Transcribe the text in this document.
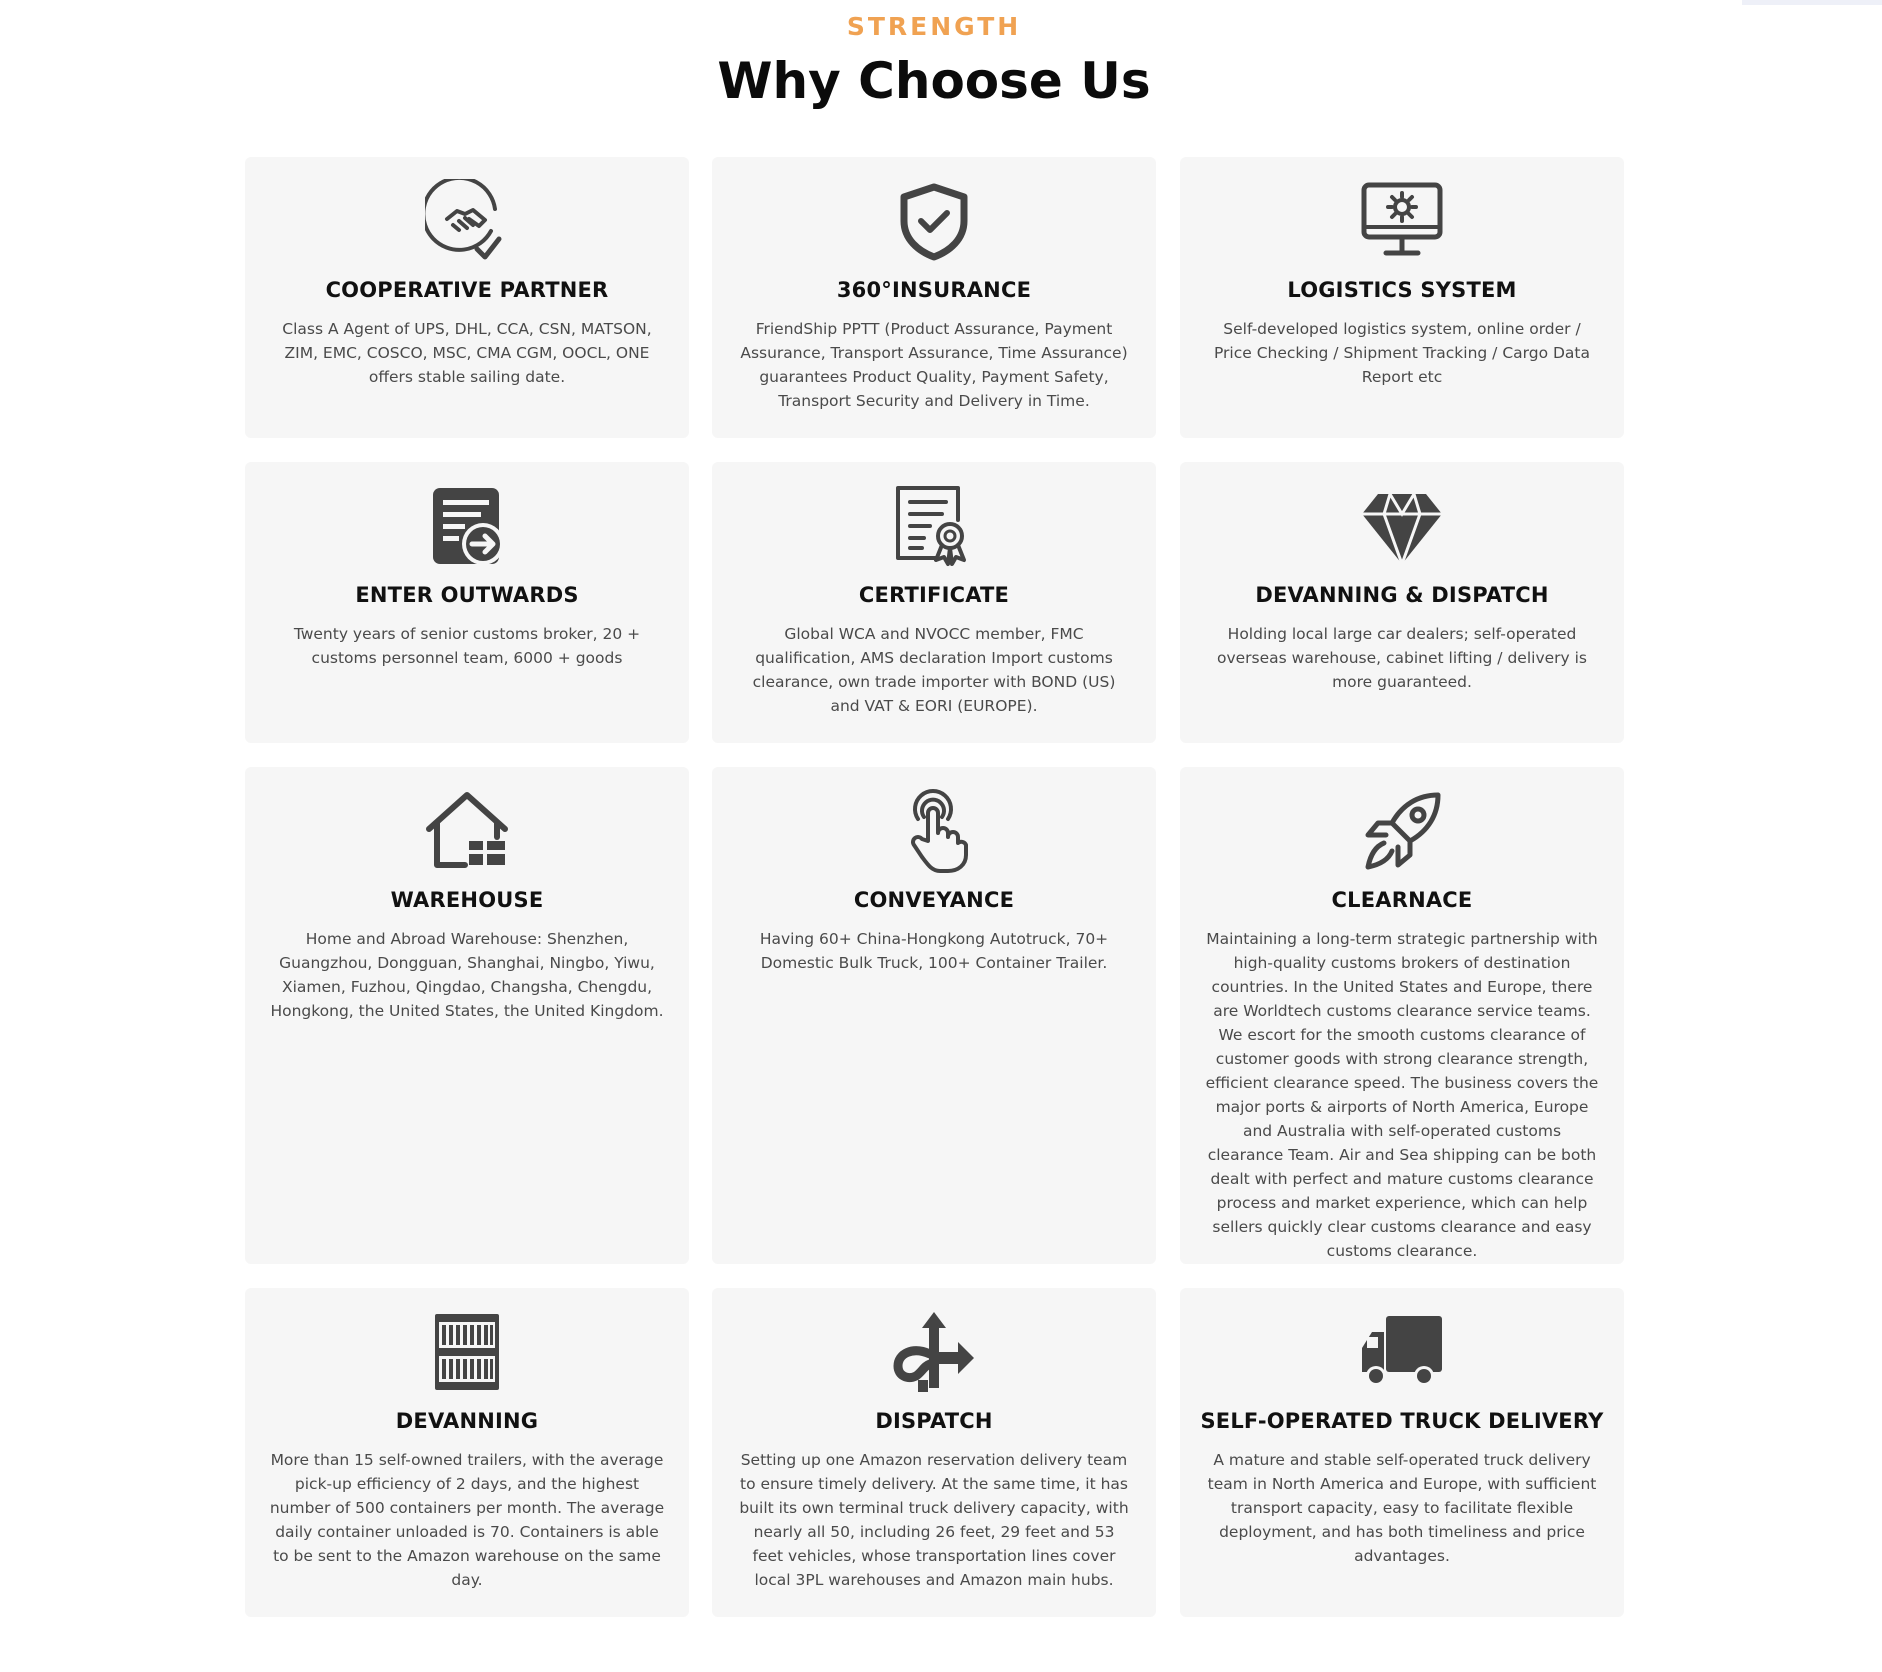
STRENGTH
Why Choose Us
COOPERATIVE PARTNER
Class A Agent of UPS, DHL, CCA, CSN, MATSON, ZIM, EMC, COSCO, MSC, CMA CGM, OOCL, ONE offers stable sailing date.
360°INSURANCE
FriendShip PPTT (Product Assurance, Payment Assurance, Transport Assurance, Time Assurance) guarantees Product Quality, Payment Safety, Transport Security and Delivery in Time.
LOGISTICS SYSTEM
Self-developed logistics system, online order / Price Checking / Shipment Tracking / Cargo Data Report etc
ENTER OUTWARDS
Twenty years of senior customs broker, 20 + customs personnel team, 6000 + goods
CERTIFICATE
Global WCA and NVOCC member, FMC qualification, AMS declaration Import customs clearance, own trade importer with BOND (US) and VAT & EORI (EUROPE).
DEVANNING & DISPATCH
Holding local large car dealers; self-operated overseas warehouse, cabinet lifting / delivery is more guaranteed.
WAREHOUSE
Home and Abroad Warehouse: Shenzhen, Guangzhou, Dongguan, Shanghai, Ningbo, Yiwu, Xiamen, Fuzhou, Qingdao, Changsha, Chengdu, Hongkong, the United States, the United Kingdom.
CONVEYANCE
Having 60+ China-Hongkong Autotruck, 70+ Domestic Bulk Truck, 100+ Container Trailer.
CLEARNACE
Maintaining a long-term strategic partnership with high-quality customs brokers of destination countries. In the United States and Europe, there are Worldtech customs clearance service teams. We escort for the smooth customs clearance of customer goods with strong clearance strength, efficient clearance speed. The business covers the major ports & airports of North America, Europe and Australia with self-operated customs clearance Team. Air and Sea shipping can be both dealt with perfect and mature customs clearance process and market experience, which can help sellers quickly clear customs clearance and easy customs clearance.
DEVANNING
More than 15 self-owned trailers, with the average pick-up efficiency of 2 days, and the highest number of 500 containers per month. The average daily container unloaded is 70. Containers is able to be sent to the Amazon warehouse on the same day.
DISPATCH
Setting up one Amazon reservation delivery team to ensure timely delivery. At the same time, it has built its own terminal truck delivery capacity, with nearly all 50, including 26 feet, 29 feet and 53 feet vehicles, whose transportation lines cover local 3PL warehouses and Amazon main hubs.
SELF-OPERATED TRUCK DELIVERY
A mature and stable self-operated truck delivery team in North America and Europe, with sufficient transport capacity, easy to facilitate flexible deployment, and has both timeliness and price advantages.
